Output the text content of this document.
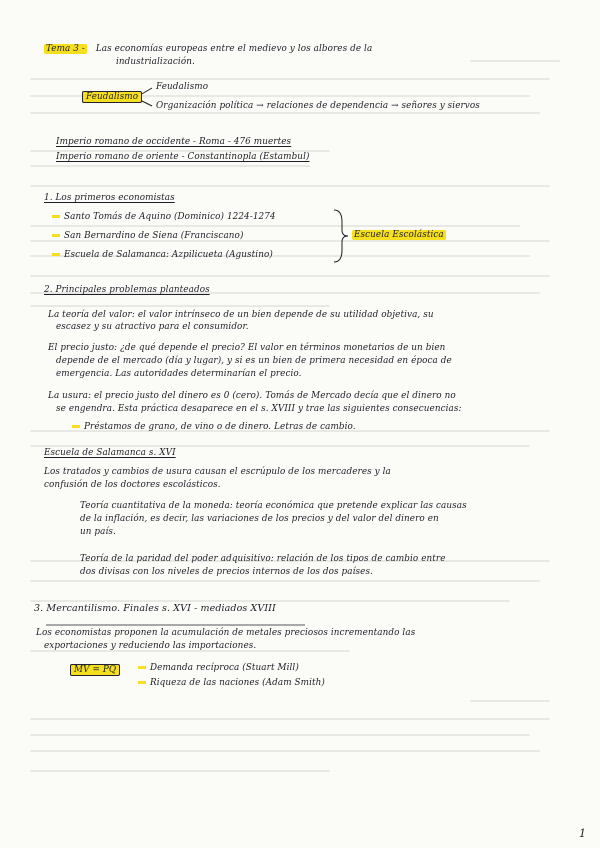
Tema 3 - Las economías europeas entre el medievo y los albores de la
industrialización.
Feudalismo
Feudalismo
Organización política → relaciones de dependencia → señores y siervos
Imperio romano de occidente - Roma - 476 muertes
Imperio romano de oriente - Constantinopla (Estambul)
1. Los primeros economistas
Santo Tomás de Aquino (Dominico) 1224-1274
San Bernardino de Siena (Franciscano)
Escuela de Salamanca: Azpilicueta (Agustino)
Escuela Escolástica
2. Principales problemas planteados
La teoría del valor: el valor intrínseco de un bien depende de su utilidad objetiva, su
escasez y su atractivo para el consumidor.
El precio justo: ¿de qué depende el precio? El valor en términos monetarios de un bien
depende de el mercado (día y lugar), y si es un bien de primera necesidad en época de
emergencia. Las autoridades determinarían el precio.
La usura: el precio justo del dinero es 0 (cero). Tomás de Mercado decía que el dinero no
se engendra. Esta práctica desaparece en el s. XVIII y trae las siguientes consecuencias:
Préstamos de grano, de vino o de dinero. Letras de cambio.
Escuela de Salamanca s. XVI
Los tratados y cambios de usura causan el escrúpulo de los mercaderes y la
confusión de los doctores escolásticos.
Teoría cuantitativa de la moneda: teoría económica que pretende explicar las causas
de la inflación, es decir, las variaciones de los precios y del valor del dinero en
un país.
Teoría de la paridad del poder adquisitivo: relación de los tipos de cambio entre
dos divisas con los niveles de precios internos de los dos países.
3. Mercantilismo. Finales s. XVI - mediados XVIII
Los economistas proponen la acumulación de metales preciosos incrementando las
exportaciones y reduciendo las importaciones.
MV = PQ	Demanda recíproca (Stuart Mill)
Riqueza de las naciones (Adam Smith)
1
